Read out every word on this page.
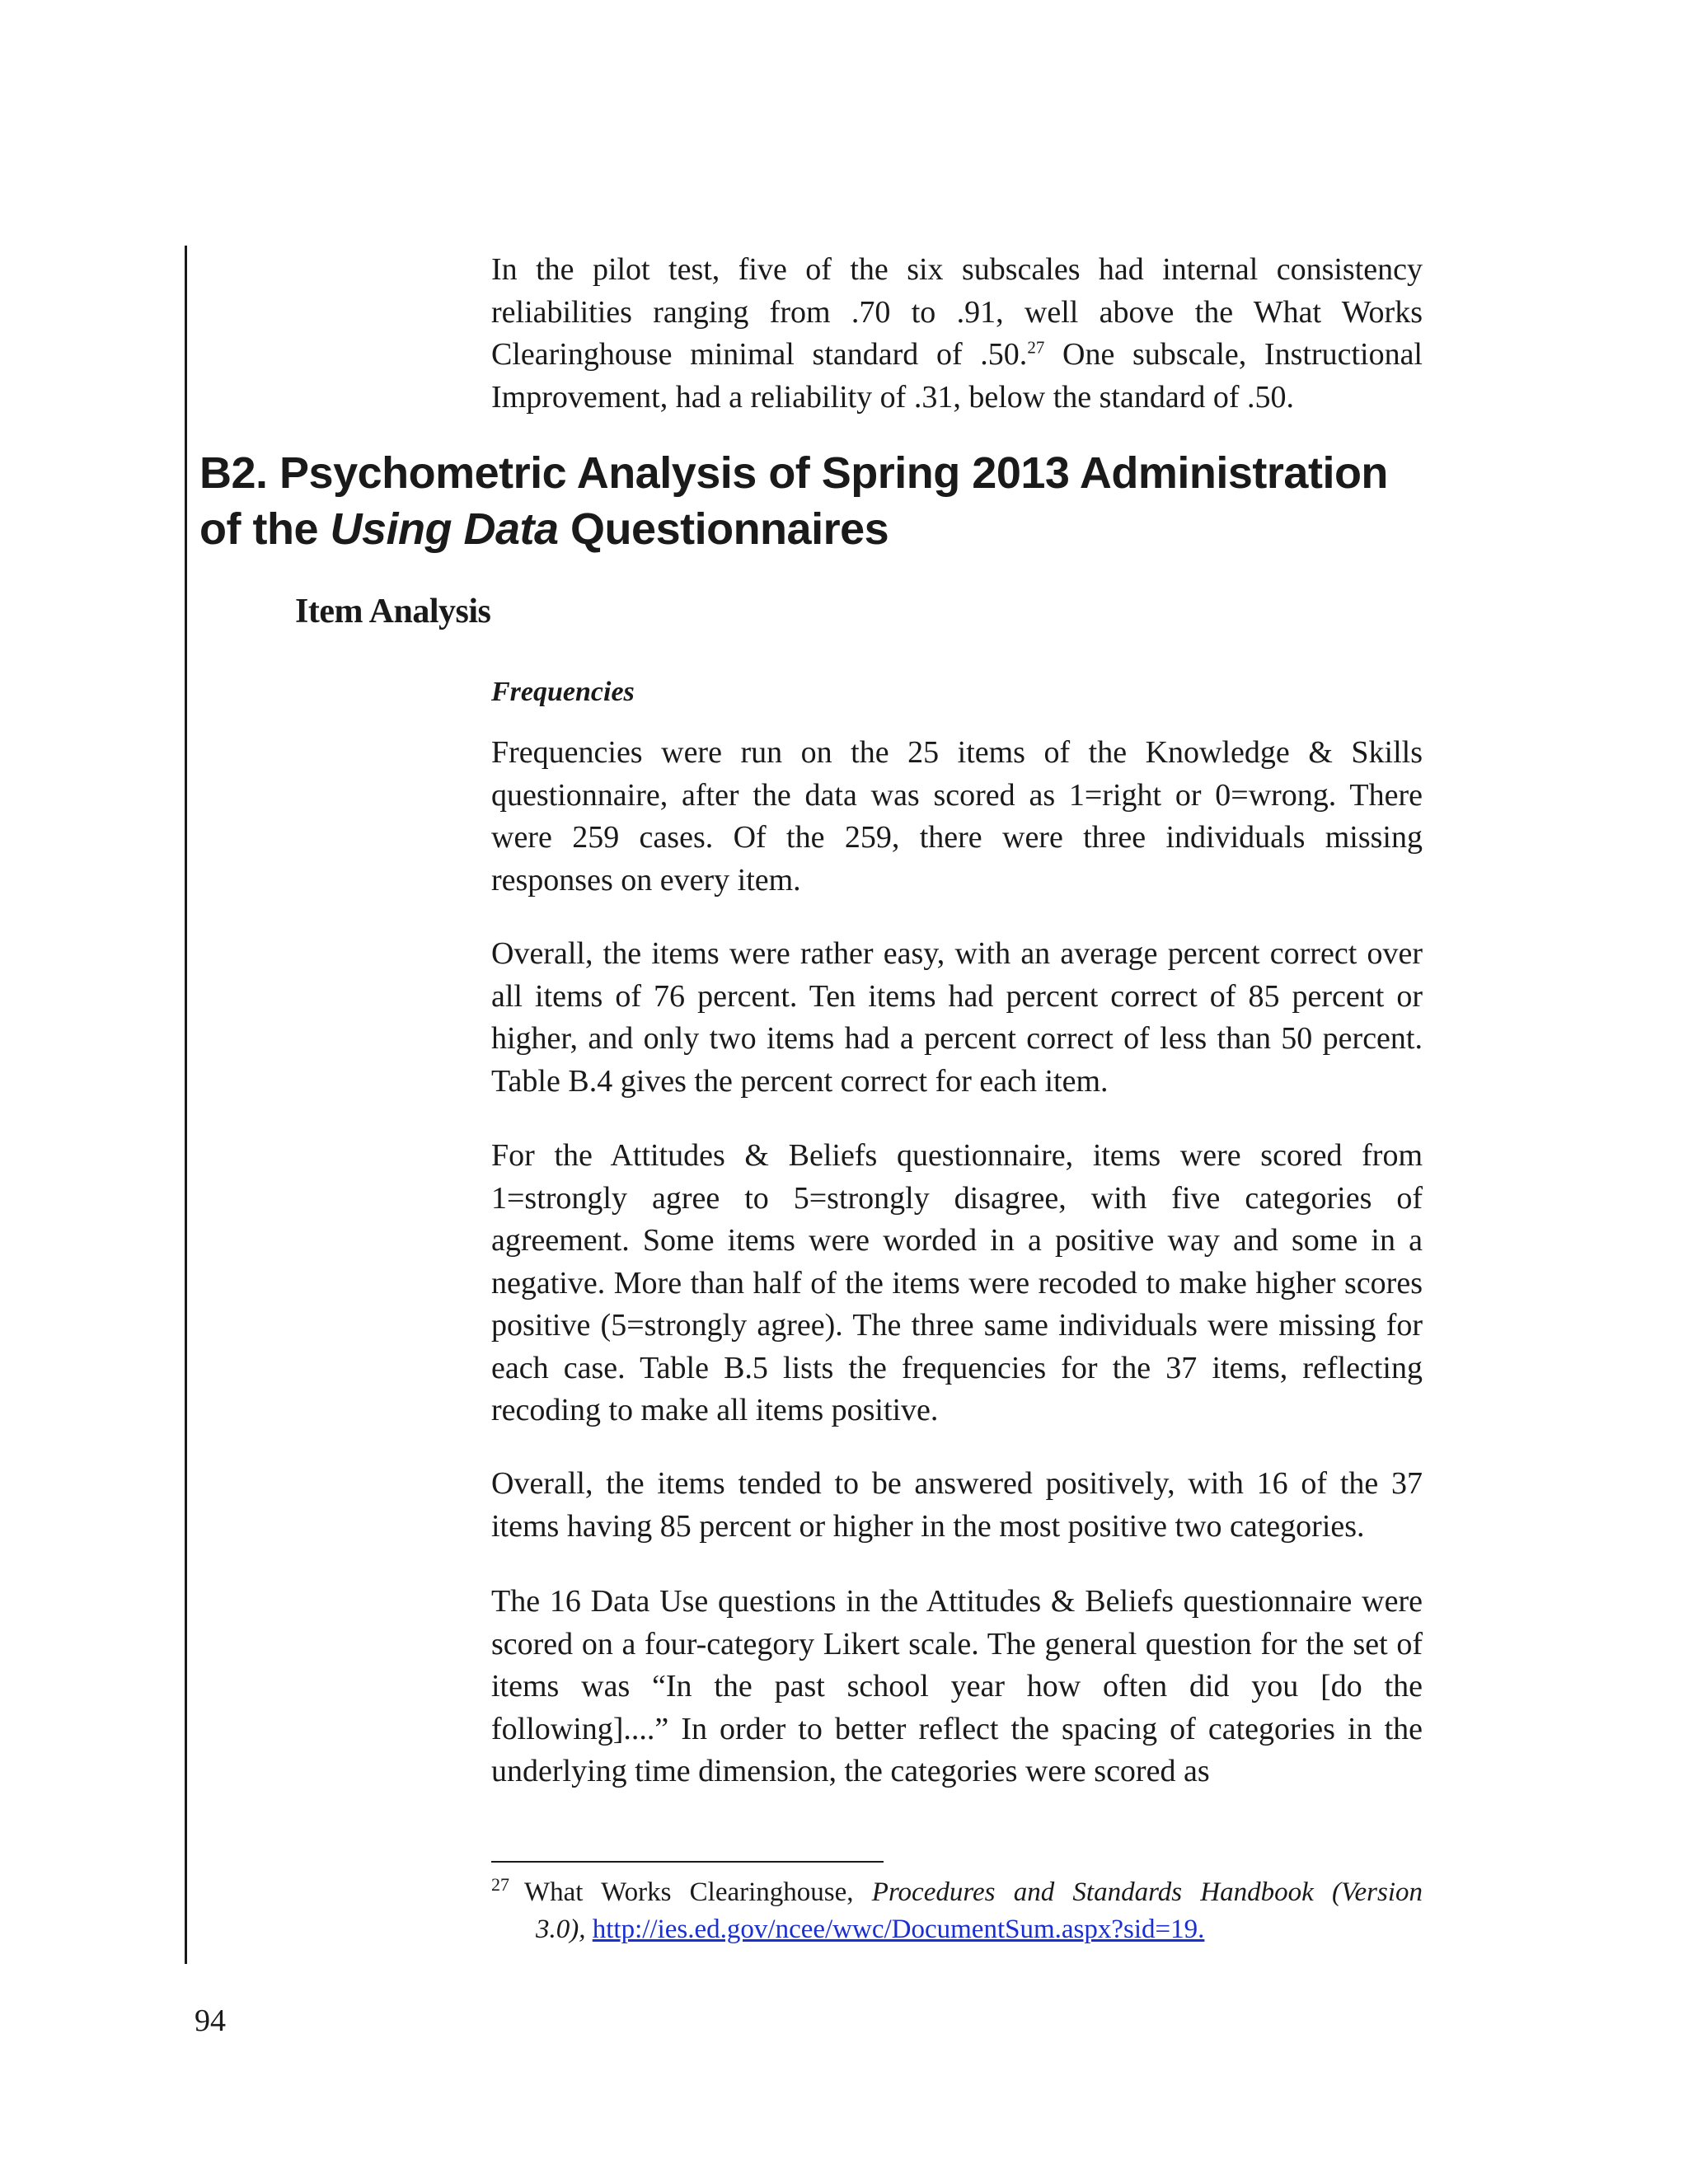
In the pilot test, five of the six subscales had internal consistency reliabilities ranging from .70 to .91, well above the What Works Clearinghouse minimal standard of .50.27 One subscale, Instructional Improvement, had a reliability of .31, below the standard of .50.

B2. Psychometric Analysis of Spring 2013 Administration of the Using Data Questionnaires
Item Analysis
Frequencies

Frequencies were run on the 25 items of the Knowledge & Skills questionnaire, after the data was scored as 1=right or 0=wrong. There were 259 cases. Of the 259, there were three individuals missing responses on every item.

Overall, the items were rather easy, with an average percent correct over all items of 76 percent. Ten items had percent correct of 85 percent or higher, and only two items had a percent correct of less than 50 percent. Table B.4 gives the percent correct for each item.

For the Attitudes & Beliefs questionnaire, items were scored from 1=strongly agree to 5=strongly disagree, with five categories of agreement. Some items were worded in a positive way and some in a negative. More than half of the items were recoded to make higher scores positive (5=strongly agree). The three same individuals were missing for each case. Table B.5 lists the frequencies for the 37 items, reflecting recoding to make all items positive.

Overall, the items tended to be answered positively, with 16 of the 37 items having 85 percent or higher in the most positive two categories.

The 16 Data Use questions in the Attitudes & Beliefs questionnaire were scored on a four-category Likert scale. The general question for the set of items was “In the past school year how often did you [do the following]....” In order to better reflect the spacing of categories in the underlying time dimension, the categories were scored as

27 What Works Clearinghouse, Procedures and Standards Handbook (Version
3.0), http://ies.ed.gov/ncee/wwc/DocumentSum.aspx?sid=19.

94
